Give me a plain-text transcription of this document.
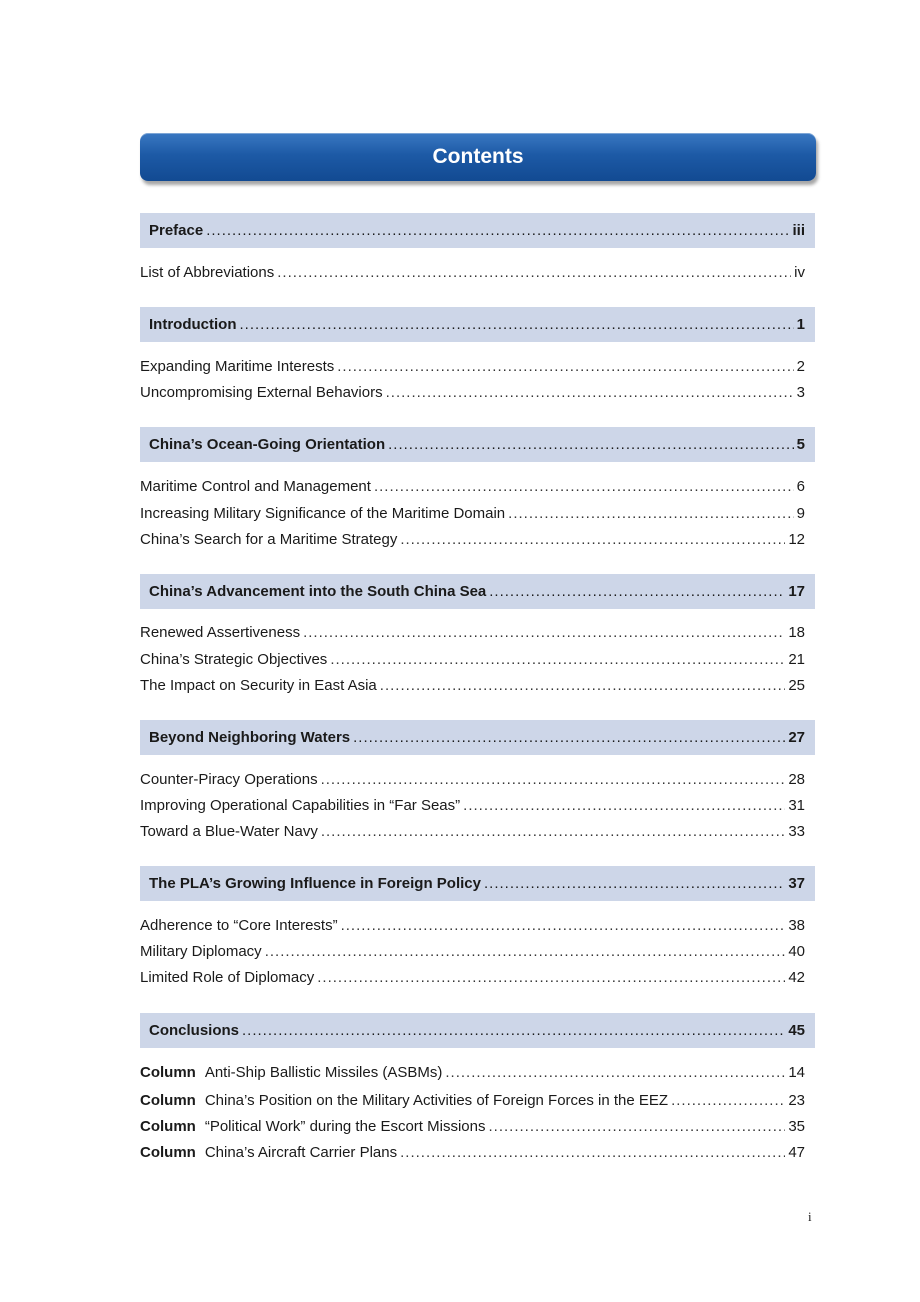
Contents
Preface .....	iii
List of Abbreviations .....	iv
Introduction .....	1
Expanding Maritime Interests .....	2
Uncompromising External Behaviors .....	3
China’s Ocean-Going Orientation .....	5
Maritime Control and Management .....	6
Increasing Military Significance of the Maritime Domain .....	9
China’s Search for a Maritime Strategy .....	12
China’s Advancement into the South China Sea .....	17
Renewed Assertiveness .....	18
China’s Strategic Objectives .....	21
The Impact on Security in East Asia .....	25
Beyond Neighboring Waters .....	27
Counter-Piracy Operations .....	28
Improving Operational Capabilities in “Far Seas” .....	31
Toward a Blue-Water Navy .....	33
The PLA’s Growing Influence in Foreign Policy .....	37
Adherence to “Core Interests” .....	38
Military Diplomacy .....	40
Limited Role of Diplomacy .....	42
Conclusions .....	45
Column Anti-Ship Ballistic Missiles (ASBMs) .....	14
Column China’s Position on the Military Activities of Foreign Forces in the EEZ .....	23
Column “Political Work” during the Escort Missions .....	35
Column China’s Aircraft Carrier Plans .....	47
i
